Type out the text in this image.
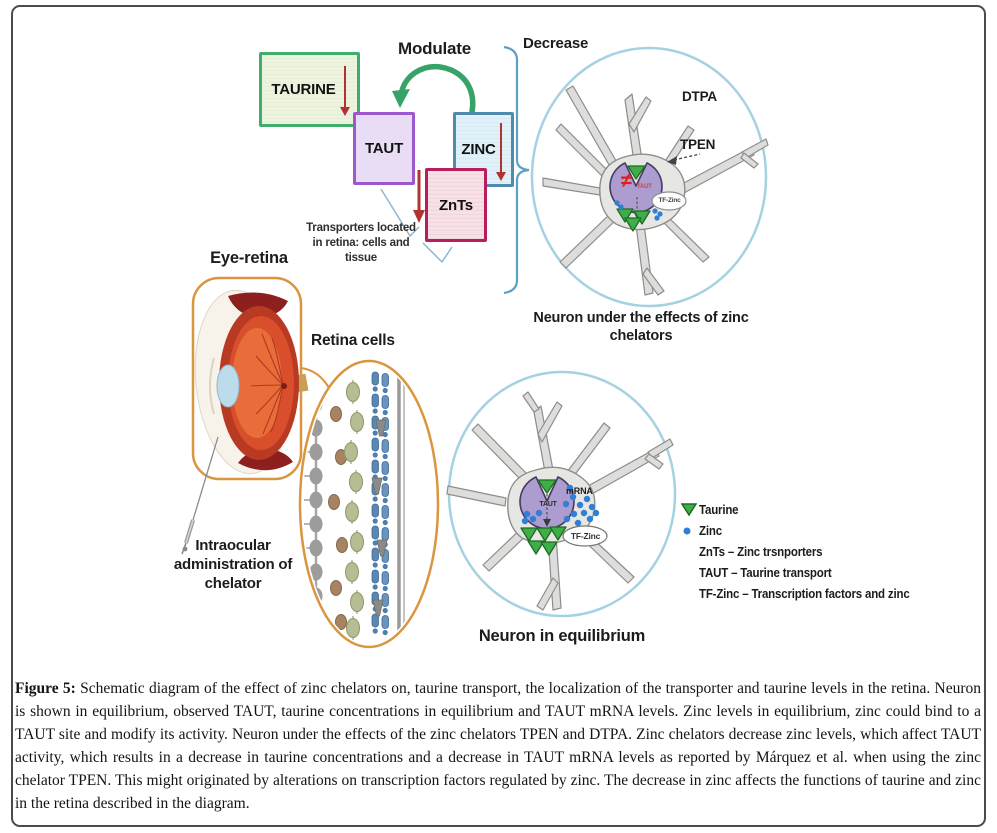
TAURINE
TAUT	ZINC
ZnTs
Modulate	Decrease
Transporters located in retina: cells and tissue
DTPA
TPEN
≠ TAUT
TF-Zinc
Neuron under the effects of zinc chelators
mRNA
TAUT
TF-Zinc
Neuron in equilibrium
Eye-retina
Retina cells
Intraocular administration of chelator
Taurine
Zinc
ZnTs – Zinc trsnporters
TAUT – Taurine transport
TF-Zinc – Transcription factors and zinc
Figure 5: Schematic diagram of the effect of zinc chelators on, taurine transport, the localization of the transporter and taurine levels in the retina. Neuron is shown in equilibrium, observed TAUT, taurine concentrations in equilibrium and TAUT mRNA levels. Zinc levels in equilibrium, zinc could bind to a TAUT site and modify its activity. Neuron under the effects of the zinc chelators TPEN and DTPA. Zinc chelators decrease zinc levels, which affect TAUT activity, which results in a decrease in taurine concentrations and a decrease in TAUT mRNA levels as reported by Márquez et al. when using the zinc chelator TPEN. This might originated by alterations on transcription factors regulated by zinc. The decrease in zinc affects the functions of taurine and zinc in the retina described in the diagram.
